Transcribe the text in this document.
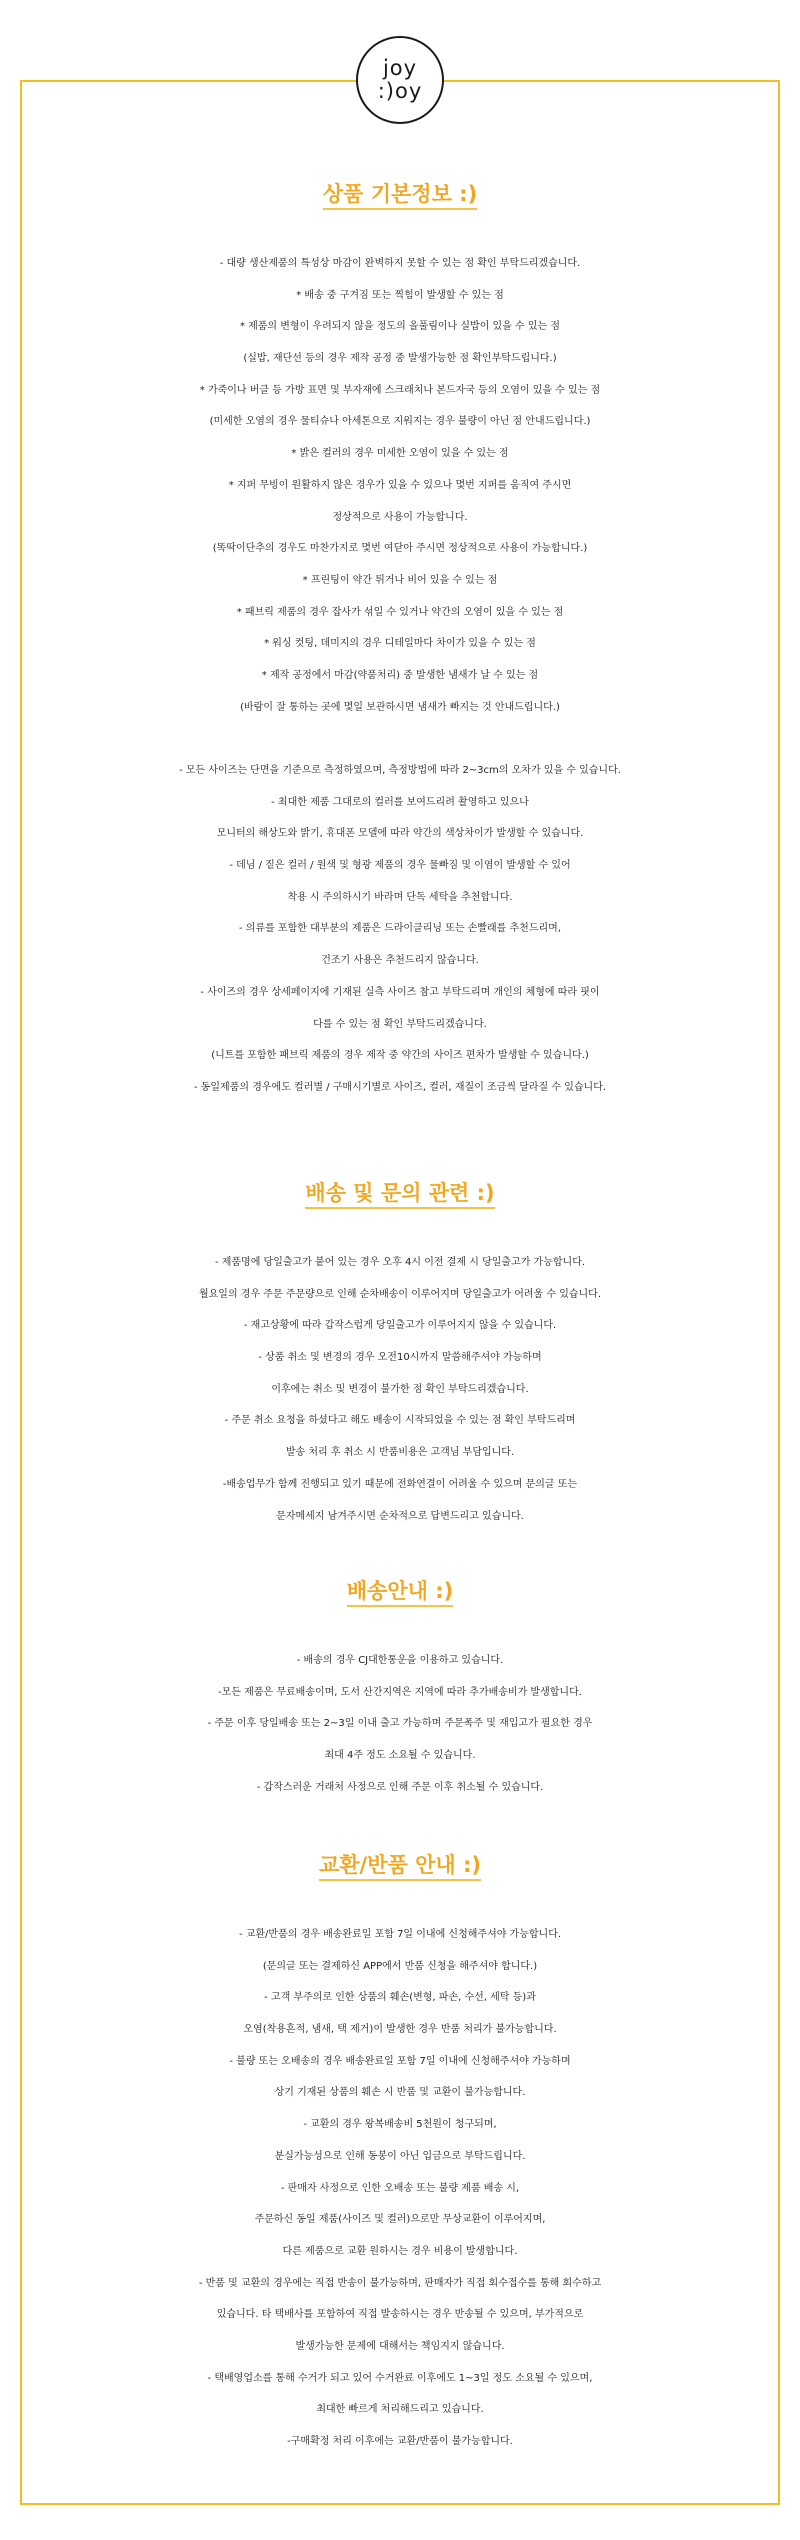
joy
:)oy
상품 기본정보 :)
- 대량 생산제품의 특성상 마감이 완벽하지 못할 수 있는 점 확인 부탁드리겠습니다.
* 배송 중 구겨짐 또는 찍힘이 발생할 수 있는 점
* 제품의 변형이 우려되지 않을 정도의 올풀림이나 실밥이 있을 수 있는 점
(실밥, 재단선 등의 경우 제작 공정 중 발생가능한 점 확인부탁드립니다.)
* 가죽이나 버클 등 가방 표면 및 부자재에 스크래치나 본드자국 등의 오염이 있을 수 있는 점
(미세한 오염의 경우 물티슈나 아세톤으로 지워지는 경우 불량이 아닌 점 안내드립니다.)
* 밝은 컬러의 경우 미세한 오염이 있을 수 있는 점
* 지퍼 무빙이 원활하지 않은 경우가 있을 수 있으나 몇번 지퍼를 움직여 주시면
정상적으로 사용이 가능합니다.
(똑딱이단추의 경우도 마찬가지로 몇번 여닫아 주시면 정상적으로 사용이 가능합니다.)
* 프린팅이 약간 튀거나 비어 있을 수 있는 점
* 패브릭 제품의 경우 잡사가 섞일 수 있거나 약간의 오염이 있을 수 있는 점
* 워싱 컷팅, 데미지의 경우 디테일마다 차이가 있을 수 있는 점
* 제작 공정에서 마감(약품처리) 중 발생한 냄새가 날 수 있는 점
(바람이 잘 통하는 곳에 몇일 보관하시면 냄새가 빠지는 것 안내드립니다.)
- 모든 사이즈는 단면을 기준으로 측정하였으며, 측정방법에 따라 2~3cm의 오차가 있을 수 있습니다.
- 최대한 제품 그대로의 컬러를 보여드리려 촬영하고 있으나
모니터의 해상도와 밝기, 휴대폰 모델에 따라 약간의 색상차이가 발생할 수 있습니다.
- 데님 / 짙은 컬러 / 원색 및 형광 제품의 경우 물빠짐 및 이염이 발생할 수 있어
착용 시 주의하시기 바라며 단독 세탁을 추천합니다.
- 의류를 포함한 대부분의 제품은 드라이클리닝 또는 손빨래를 추천드리며,
건조기 사용은 추천드리지 않습니다.
- 사이즈의 경우 상세페이지에 기재된 실측 사이즈 참고 부탁드리며 개인의 체형에 따라 핏이
다를 수 있는 점 확인 부탁드리겠습니다.
(니트를 포함한 패브릭 제품의 경우 제작 중 약간의 사이즈 편차가 발생할 수 있습니다.)
- 동일제품의 경우에도 컬러별 / 구매시기별로 사이즈, 컬러, 재질이 조금씩 달라질 수 있습니다.
배송 및 문의 관련 :)
- 제품명에 당일출고가 붙어 있는 경우 오후 4시 이전 결제 시 당일출고가 가능합니다.
월요일의 경우 주문 주문량으로 인해 순차배송이 이루어지며 당일출고가 어려울 수 있습니다.
- 재고상황에 따라 갑작스럽게 당일출고가 이루어지지 않을 수 있습니다.
- 상품 취소 및 변경의 경우 오전10시까지 말씀해주셔야 가능하며
이후에는 취소 및 변경이 불가한 점 확인 부탁드리겠습니다.
- 주문 취소 요청을 하셨다고 해도 배송이 시작되었을 수 있는 점 확인 부탁드리며
발송 처리 후 취소 시 반품비용은 고객님 부담입니다.
-배송업무가 함께 진행되고 있기 때문에 전화연결이 어려울 수 있으며 문의글 또는
문자메세지 남겨주시면 순차적으로 답변드리고 있습니다.
배송안내 :)
- 배송의 경우 CJ대한통운을 이용하고 있습니다.
-모든 제품은 무료배송이며, 도서 산간지역은 지역에 따라 추가배송비가 발생합니다.
- 주문 이후 당일배송 또는 2~3일 이내 출고 가능하며 주문폭주 및 재입고가 필요한 경우
최대 4주 정도 소요될 수 있습니다.
- 갑작스러운 거래처 사정으로 인해 주문 이후 취소될 수 있습니다.
교환/반품 안내 :)
- 교환/반품의 경우 배송완료일 포함 7일 이내에 신청해주셔야 가능합니다.
(문의글 또는 결제하신 APP에서 반품 신청을 해주셔야 합니다.)
- 고객 부주의로 인한 상품의 훼손(변형, 파손, 수선, 세탁 등)과
오염(착용흔적, 냄새, 택 제거)이 발생한 경우 반품 처리가 불가능합니다.
- 불량 또는 오배송의 경우 배송완료일 포함 7일 이내에 신청해주셔야 가능하며
상기 기재된 상품의 훼손 시 반품 및 교환이 불가능합니다.
- 교환의 경우 왕복배송비 5천원이 청구되며,
분실가능성으로 인해 동봉이 아닌 입금으로 부탁드립니다.
- 판매자 사정으로 인한 오배송 또는 불량 제품 배송 시,
주문하신 동일 제품(사이즈 및 컬러)으로만 무상교환이 이루어지며,
다른 제품으로 교환 원하시는 경우 비용이 발생합니다.
- 반품 및 교환의 경우에는 직접 반송이 불가능하며, 판매자가 직접 회수접수를 통해 회수하고
있습니다. 타 택배사를 포함하여 직접 발송하시는 경우 반송될 수 있으며, 부가적으로
발생가능한 문제에 대해서는 책임지지 않습니다.
- 택배영업소를 통해 수거가 되고 있어 수거완료 이후에도 1~3일 정도 소요될 수 있으며,
최대한 빠르게 처리해드리고 있습니다.
-구매확정 처리 이후에는 교환/반품이 불가능합니다.
